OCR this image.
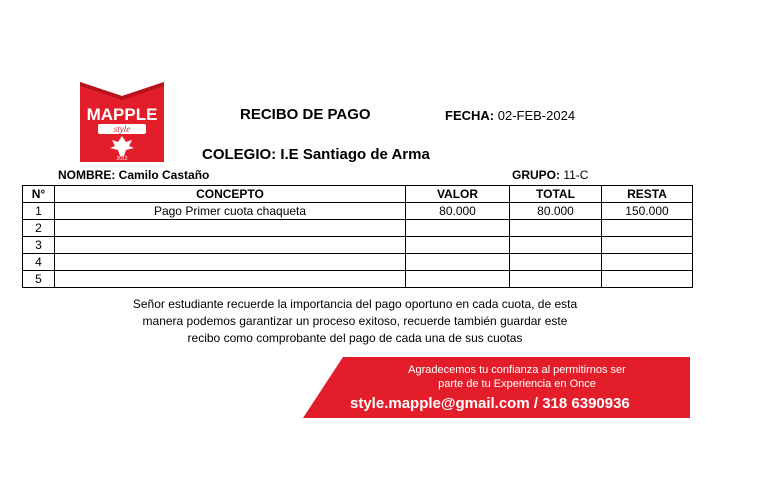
MAPPLE
style
2012
RECIBO DE PAGO	FECHA: 02-FEB-2024
COLEGIO: I.E Santiago de Arma
NOMBRE: Camilo Castaño	GRUPO: 11-C
N°	CONCEPTO	VALOR	TOTAL	RESTA
1	Pago Primer cuota chaqueta	80.000	80.000	150.000
2				
3				
4				
5				
Señor estudiante recuerde la importancia del pago oportuno en cada cuota, de esta
manera podemos garantizar un proceso exitoso, recuerde también guardar este
recibo como comprobante del pago de cada una de sus cuotas
Agradecemos tu confianza al permitirnos ser
parte de tu Experiencia en Once
style.mapple@gmail.com / 318 6390936
